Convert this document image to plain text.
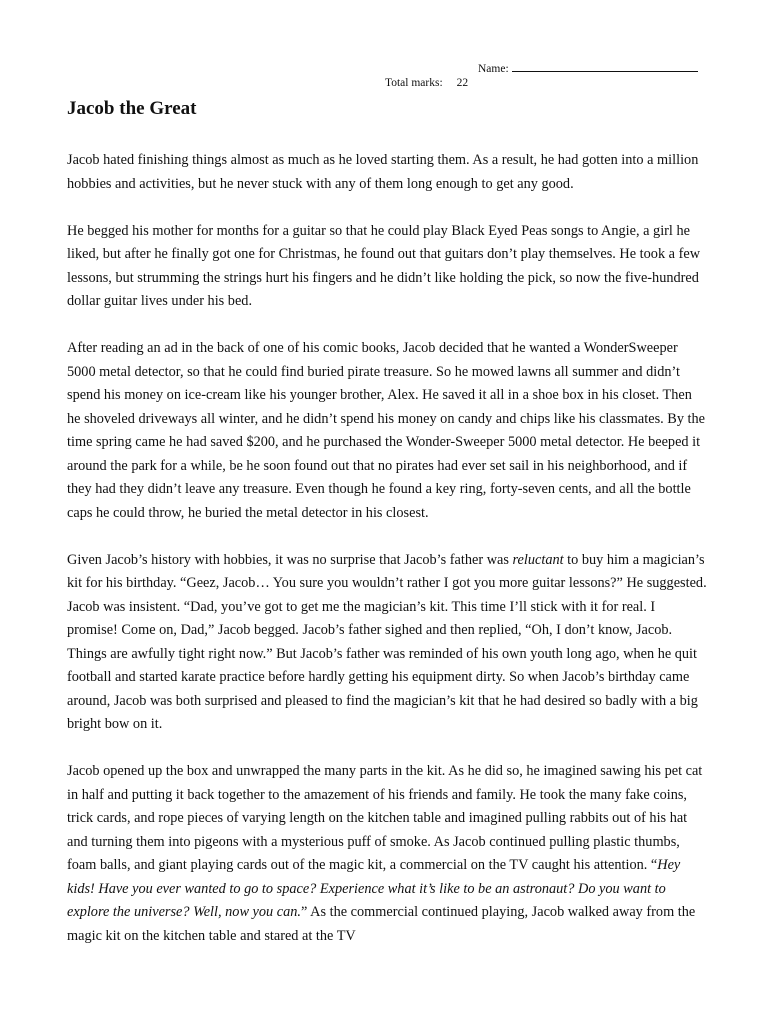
Name:
Total marks: 22
Jacob the Great

Jacob hated finishing things almost as much as he loved starting them. As a result, he had gotten into a million hobbies and activities, but he never stuck with any of them long enough to get any good.

He begged his mother for months for a guitar so that he could play Black Eyed Peas songs to Angie, a girl he liked, but after he finally got one for Christmas, he found out that guitars don’t play themselves. He took a few lessons, but strumming the strings hurt his fingers and he didn’t like holding the pick, so now the five-hundred dollar guitar lives under his bed.

After reading an ad in the back of one of his comic books, Jacob decided that he wanted a WonderSweeper 5000 metal detector, so that he could find buried pirate treasure. So he mowed lawns all summer and didn’t spend his money on ice-cream like his younger brother, Alex. He saved it all in a shoe box in his closet. Then he shoveled driveways all winter, and he didn’t spend his money on candy and chips like his classmates. By the time spring came he had saved $200, and he purchased the Wonder-Sweeper 5000 metal detector. He beeped it around the park for a while, be he soon found out that no pirates had ever set sail in his neighborhood, and if they had they didn’t leave any treasure. Even though he found a key ring, forty-seven cents, and all the bottle caps he could throw, he buried the metal detector in his closest.

Given Jacob’s history with hobbies, it was no surprise that Jacob’s father was reluctant to buy him a magician’s kit for his birthday. “Geez, Jacob… You sure you wouldn’t rather I got you more guitar lessons?” He suggested. Jacob was insistent. “Dad, you’ve got to get me the magician’s kit. This time I’ll stick with it for real. I promise! Come on, Dad,” Jacob begged. Jacob’s father sighed and then replied, “Oh, I don’t know, Jacob. Things are awfully tight right now.” But Jacob’s father was reminded of his own youth long ago, when he quit football and started karate practice before hardly getting his equipment dirty. So when Jacob’s birthday came around, Jacob was both surprised and pleased to find the magician’s kit that he had desired so badly with a big bright bow on it.

Jacob opened up the box and unwrapped the many parts in the kit. As he did so, he imagined sawing his pet cat in half and putting it back together to the amazement of his friends and family. He took the many fake coins, trick cards, and rope pieces of varying length on the kitchen table and imagined pulling rabbits out of his hat and turning them into pigeons with a mysterious puff of smoke. As Jacob continued pulling plastic thumbs, foam balls, and giant playing cards out of the magic kit, a commercial on the TV caught his attention. “Hey kids! Have you ever wanted to go to space? Experience what it’s like to be an astronaut? Do you want to explore the universe? Well, now you can.” As the commercial continued playing, Jacob walked away from the magic kit on the kitchen table and stared at the TV
